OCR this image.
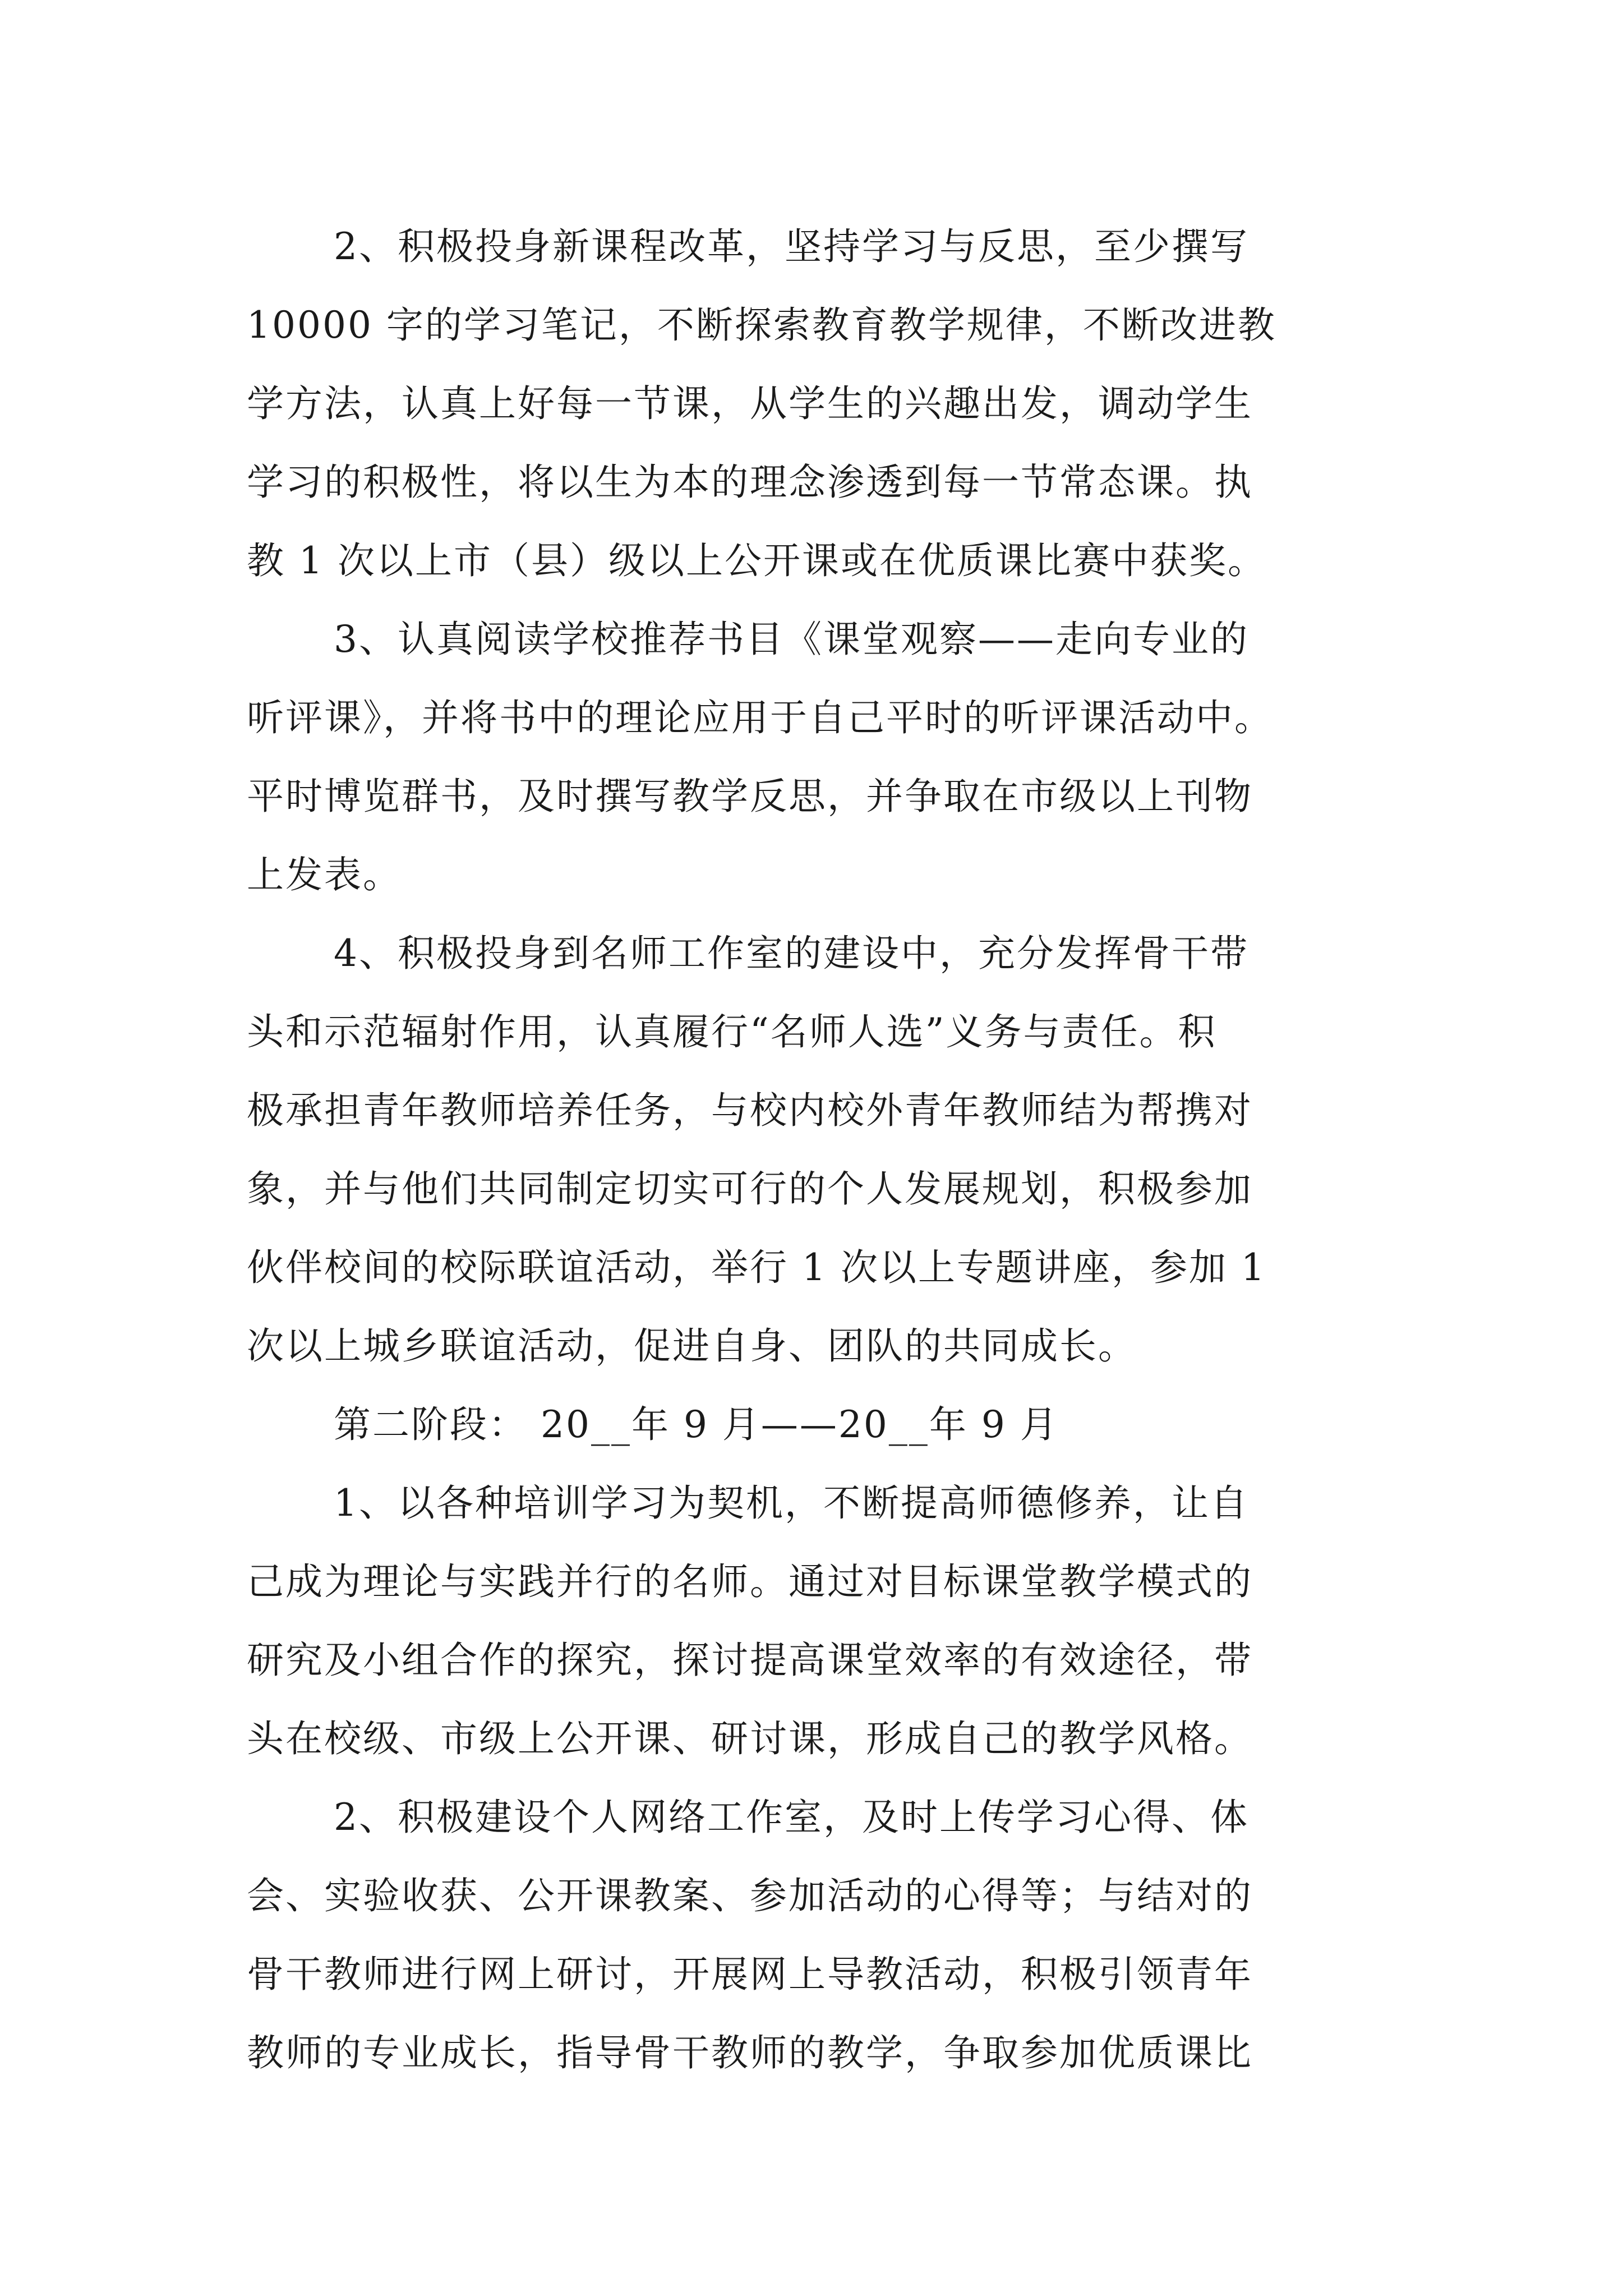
2、积极投身新课程改革，坚持学习与反思，至少撰写
10000 字的学习笔记，不断探索教育教学规律，不断改进教
学方法，认真上好每一节课，从学生的兴趣出发，调动学生
学习的积极性，将以生为本的理念渗透到每一节常态课。执
教 1 次以上市（县）级以上公开课或在优质课比赛中获奖。
3、认真阅读学校推荐书目《课堂观察——走向专业的
听评课》，并将书中的理论应用于自己平时的听评课活动中。
平时博览群书，及时撰写教学反思，并争取在市级以上刊物
上发表。
4、积极投身到名师工作室的建设中，充分发挥骨干带
头和示范辐射作用，认真履行“名师人选”义务与责任。积
极承担青年教师培养任务，与校内校外青年教师结为帮携对
象，并与他们共同制定切实可行的个人发展规划，积极参加
伙伴校间的校际联谊活动，举行 1 次以上专题讲座，参加 1
次以上城乡联谊活动，促进自身、团队的共同成长。
第二阶段： 20__年 9 月——20__年 9 月
1、以各种培训学习为契机，不断提高师德修养，让自
己成为理论与实践并行的名师。通过对目标课堂教学模式的
研究及小组合作的探究，探讨提高课堂效率的有效途径，带
头在校级、市级上公开课、研讨课，形成自己的教学风格。
2、积极建设个人网络工作室，及时上传学习心得、体
会、实验收获、公开课教案、参加活动的心得等；与结对的
骨干教师进行网上研讨，开展网上导教活动，积极引领青年
教师的专业成长，指导骨干教师的教学，争取参加优质课比
